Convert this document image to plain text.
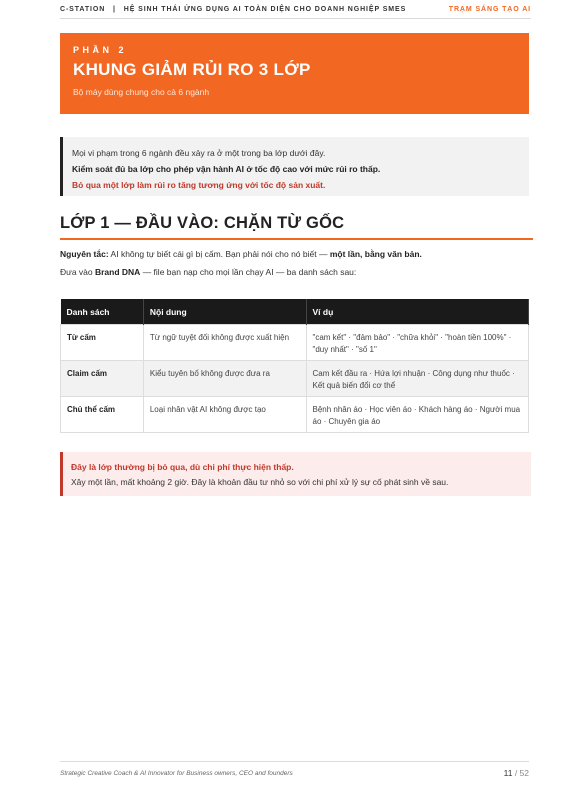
C-STATION | HỆ SINH THÁI ỨNG DỤNG AI TOÀN DIỆN CHO DOANH NGHIỆP SMES	TRẠM SÁNG TẠO AI
PHẦN 2
KHUNG GIẢM RỦI RO 3 LỚP
Bộ máy dùng chung cho cả 6 ngành
Mọi vi phạm trong 6 ngành đều xảy ra ở một trong ba lớp dưới đây.
Kiểm soát đủ ba lớp cho phép vận hành AI ở tốc độ cao với mức rủi ro thấp.
Bỏ qua một lớp làm rủi ro tăng tương ứng với tốc độ sản xuất.
LỚP 1 — ĐẦU VÀO: CHẶN TỪ GỐC
Nguyên tắc: AI không tự biết cái gì bị cấm. Bạn phải nói cho nó biết — một lần, bằng văn bản.
Đưa vào Brand DNA — file bạn nạp cho mọi lần chạy AI — ba danh sách sau:
Danh sách	Nội dung	Ví dụ
Từ cấm	Từ ngữ tuyệt đối không được xuất hiện	"cam kết" · "đảm bảo" · "chữa khỏi" · "hoàn tiền 100%" · "duy nhất" · "số 1"
Claim cấm	Kiểu tuyên bố không được đưa ra	Cam kết đầu ra · Hứa lợi nhuận · Công dụng như thuốc · Kết quả biến đổi cơ thể
Chủ thể cấm	Loại nhân vật AI không được tạo	Bệnh nhân áo · Học viên áo · Khách hàng áo · Người mua áo · Chuyên gia áo
Đây là lớp thường bị bỏ qua, dù chi phí thực hiện thấp.
Xây một lần, mất khoảng 2 giờ. Đây là khoản đầu tư nhỏ so với chi phí xử lý sự cố phát sinh về sau.
Strategic Creative Coach & AI Innovator for Business owners, CEO and founders	11 / 52
